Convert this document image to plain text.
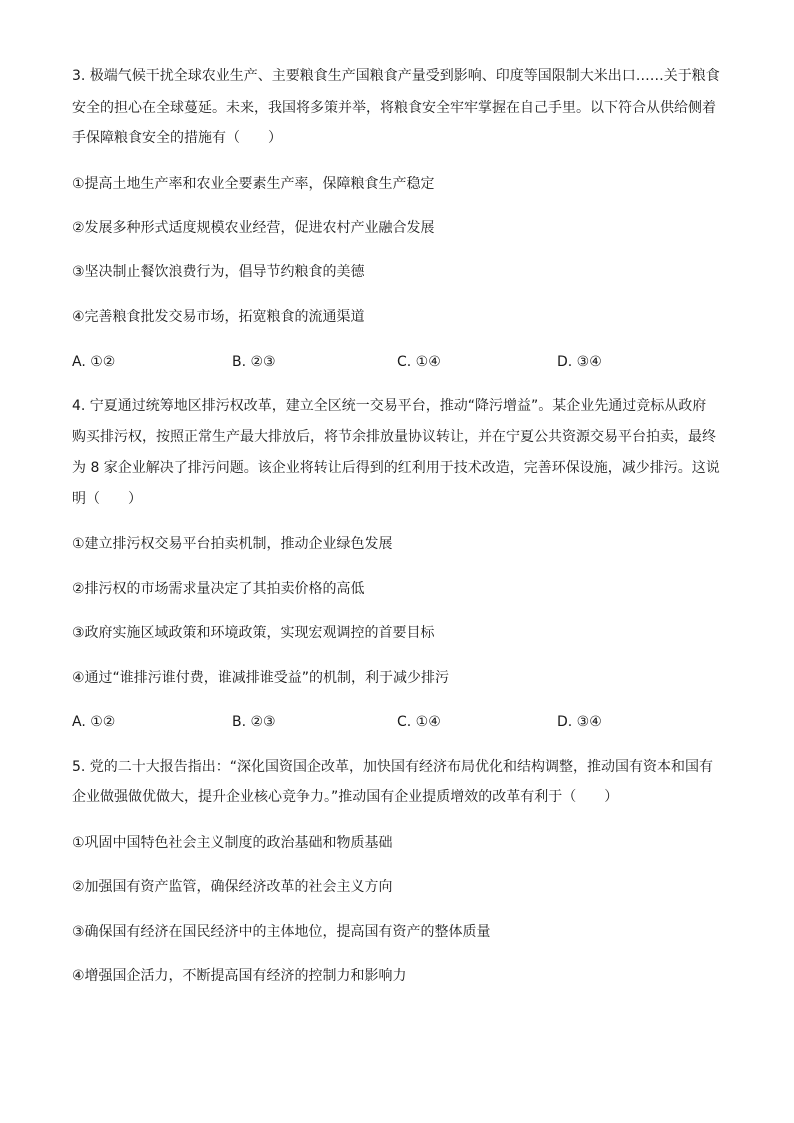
3. 极端气候干扰全球农业生产、主要粮食生产国粮食产量受到影响、印度等国限制大米出口……关于粮食
安全的担心在全球蔓延。未来，我国将多策并举，将粮食安全牢牢掌握在自己手里。以下符合从供给侧着
手保障粮食安全的措施有（　　）
①提高土地生产率和农业全要素生产率，保障粮食生产稳定
②发展多种形式适度规模农业经营，促进农村产业融合发展
③坚决制止餐饮浪费行为，倡导节约粮食的美德
④完善粮食批发交易市场，拓宽粮食的流通渠道
A. ①②	B. ②③	C. ①④	D. ③④
4. 宁夏通过统筹地区排污权改革，建立全区统一交易平台，推动“降污增益”。某企业先通过竞标从政府
购买排污权，按照正常生产最大排放后，将节余排放量协议转让，并在宁夏公共资源交易平台拍卖，最终
为 8 家企业解决了排污问题。该企业将转让后得到的红利用于技术改造，完善环保设施，减少排污。这说
明（　　）
①建立排污权交易平台拍卖机制，推动企业绿色发展
②排污权的市场需求量决定了其拍卖价格的高低
③政府实施区域政策和环境政策，实现宏观调控的首要目标
④通过“谁排污谁付费，谁减排谁受益”的机制，利于减少排污
A. ①②	B. ②③	C. ①④	D. ③④
5. 党的二十大报告指出：“深化国资国企改革，加快国有经济布局优化和结构调整，推动国有资本和国有
企业做强做优做大，提升企业核心竞争力。”推动国有企业提质增效的改革有利于（　　）
①巩固中国特色社会主义制度的政治基础和物质基础
②加强国有资产监管，确保经济改革的社会主义方向
③确保国有经济在国民经济中的主体地位，提高国有资产的整体质量
④增强国企活力，不断提高国有经济的控制力和影响力
